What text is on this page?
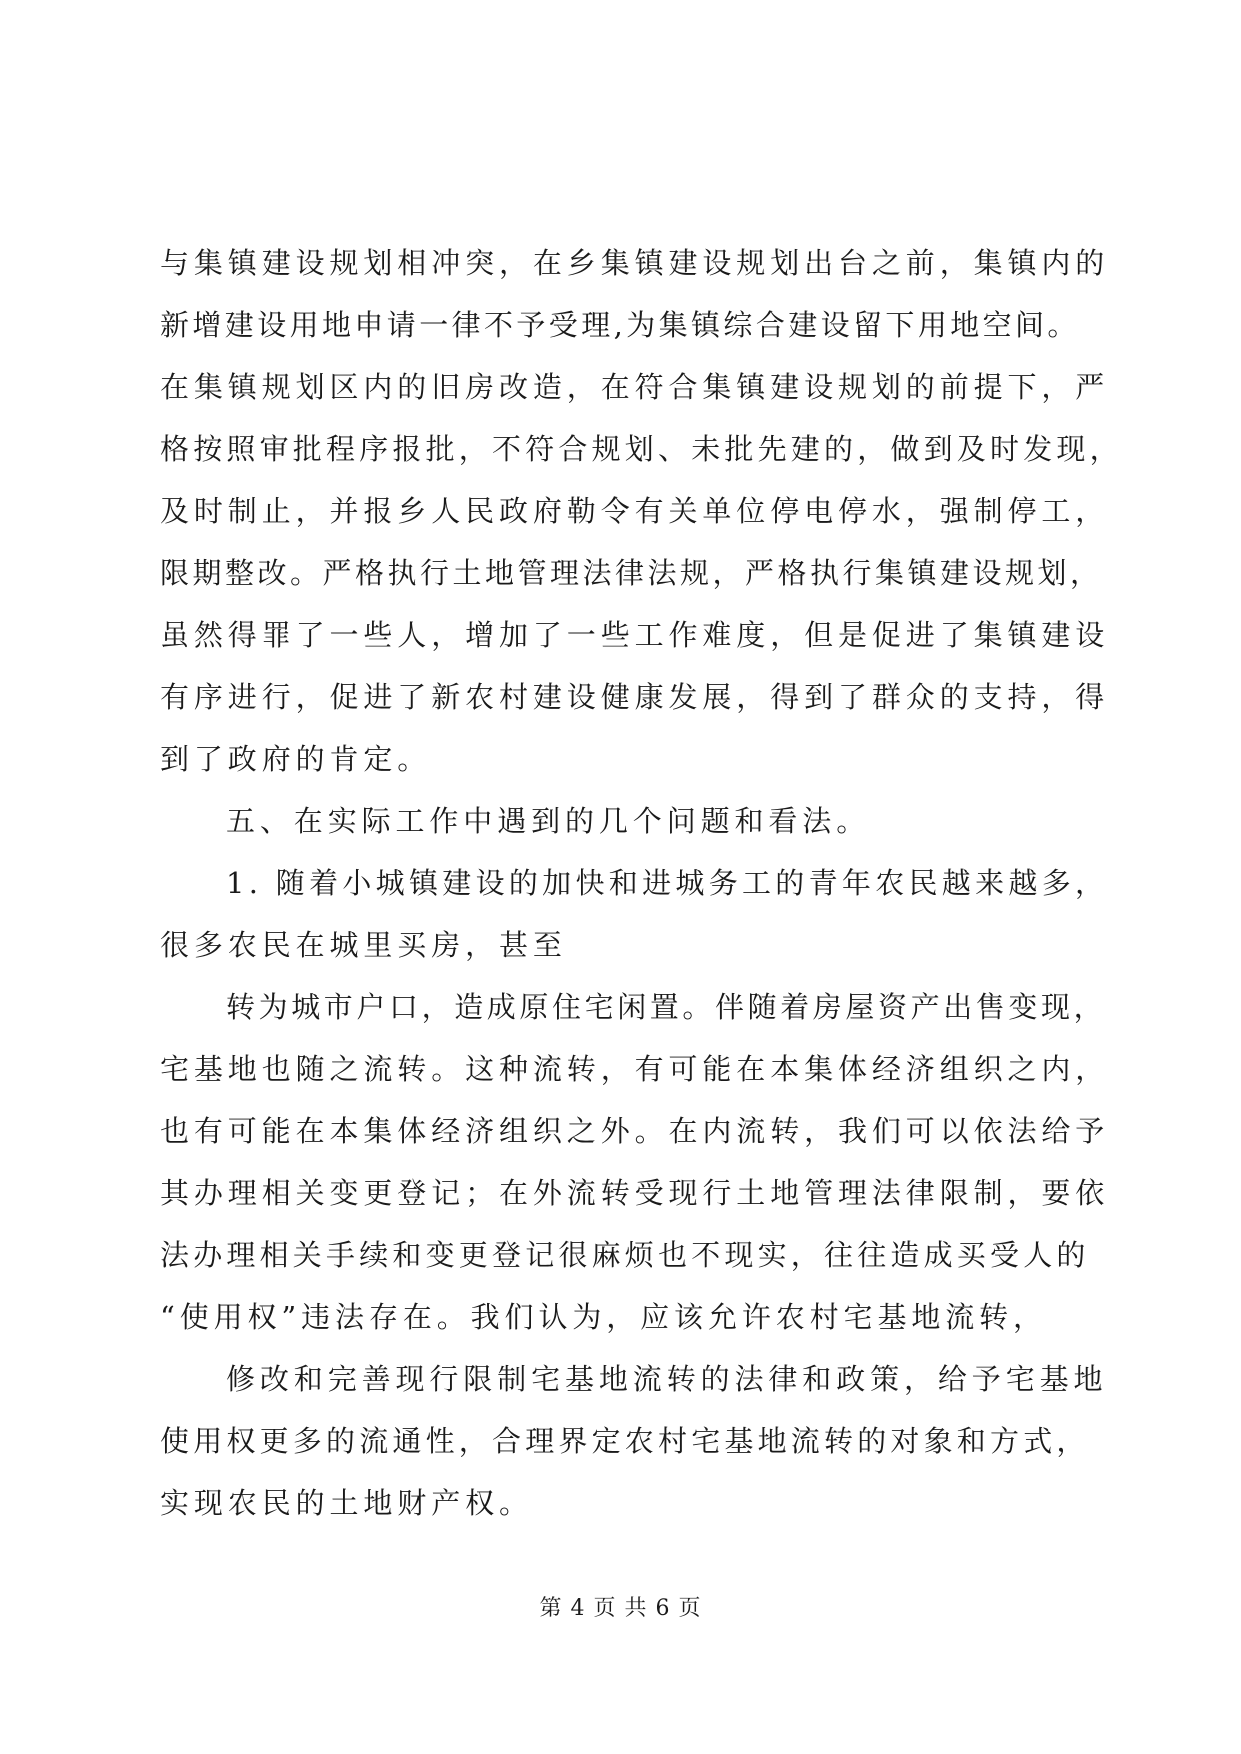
与集镇建设规划相冲突，在乡集镇建设规划出台之前，集镇内的
新增建设用地申请一律不予受理,为集镇综合建设留下用地空间。
在集镇规划区内的旧房改造，在符合集镇建设规划的前提下，严
格按照审批程序报批，不符合规划、未批先建的，做到及时发现，
及时制止，并报乡人民政府勒令有关单位停电停水，强制停工，
限期整改。严格执行土地管理法律法规，严格执行集镇建设规划，
虽然得罪了一些人，增加了一些工作难度，但是促进了集镇建设
有序进行，促进了新农村建设健康发展，得到了群众的支持，得
到了政府的肯定。
五、在实际工作中遇到的几个问题和看法。
1. 随着小城镇建设的加快和进城务工的青年农民越来越多，
很多农民在城里买房，甚至
转为城市户口，造成原住宅闲置。伴随着房屋资产出售变现，
宅基地也随之流转。这种流转，有可能在本集体经济组织之内，
也有可能在本集体经济组织之外。在内流转，我们可以依法给予
其办理相关变更登记；在外流转受现行土地管理法律限制，要依
法办理相关手续和变更登记很麻烦也不现实，往往造成买受人的
“使用权”违法存在。我们认为，应该允许农村宅基地流转，
修改和完善现行限制宅基地流转的法律和政策，给予宅基地
使用权更多的流通性，合理界定农村宅基地流转的对象和方式，
实现农民的土地财产权。
第 4 页 共 6 页
